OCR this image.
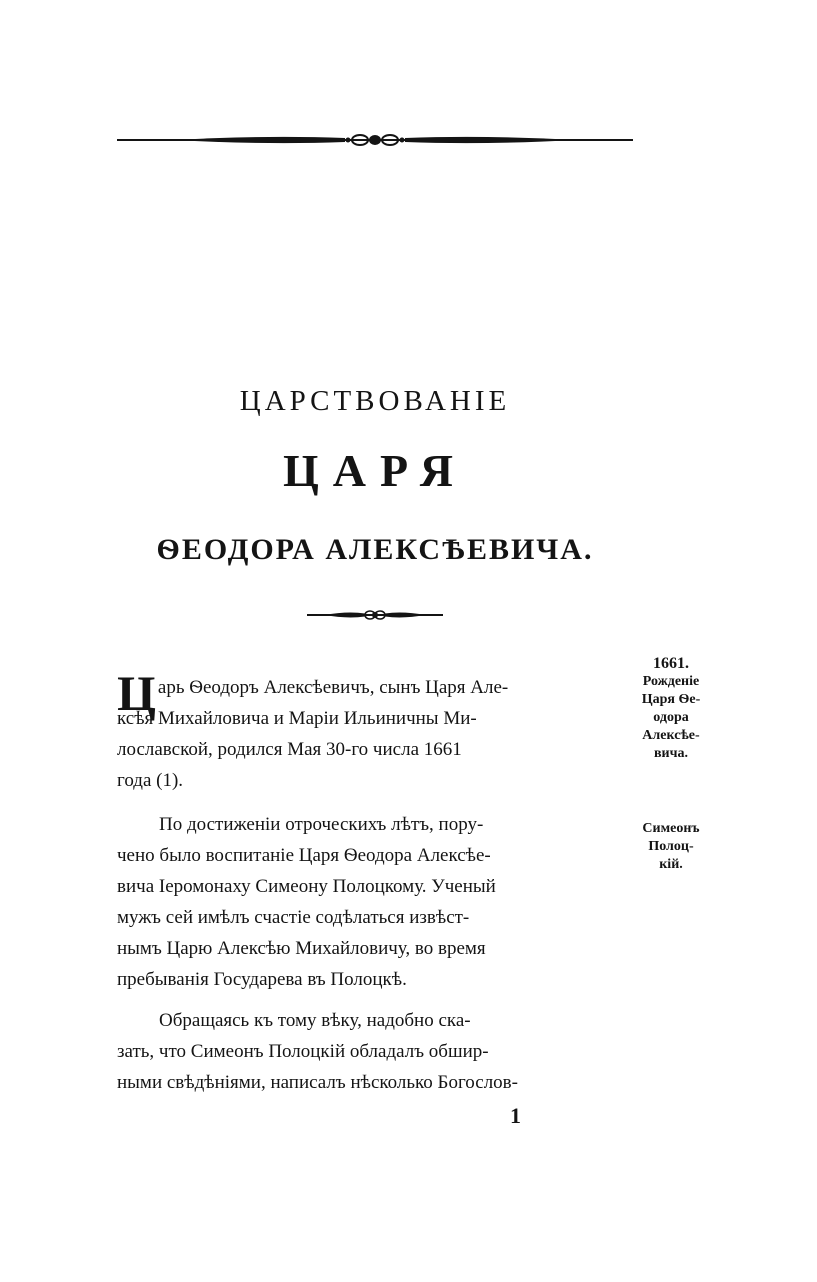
ЦАРСТВОВАНІЕ
ЦАРЯ
ѲЕОДОРА АЛЕКСѢЕВИЧА.
Царь Ѳеодоръ Алексѣевичъ, сынъ Царя Але-
ксѣя Михайловича и Маріи Ильиничны Ми-
лославской, родился Мая 30-го числа 1661
года (1).
По достиженіи отроческихъ лѣтъ, пору-
чено было воспитаніе Царя Ѳеодора Алексѣе-
вича Іеромонаху Симеону Полоцкому. Ученый
мужъ сей имѣлъ счастіе содѣлаться извѣст-
нымъ Царю Алексѣю Михайловичу, во время
пребыванія Государева въ Полоцкѣ.
Обращаясь къ тому вѣку, надобно ска-
зать, что Симеонъ Полоцкій обладалъ обшир-
ными свѣдѣніями, написалъ нѣсколько Богослов-
1661.
Рожденіе
Царя Ѳе-
одора
Алексѣе-
вича.
Симеонъ
Полоц-
кій.
1
